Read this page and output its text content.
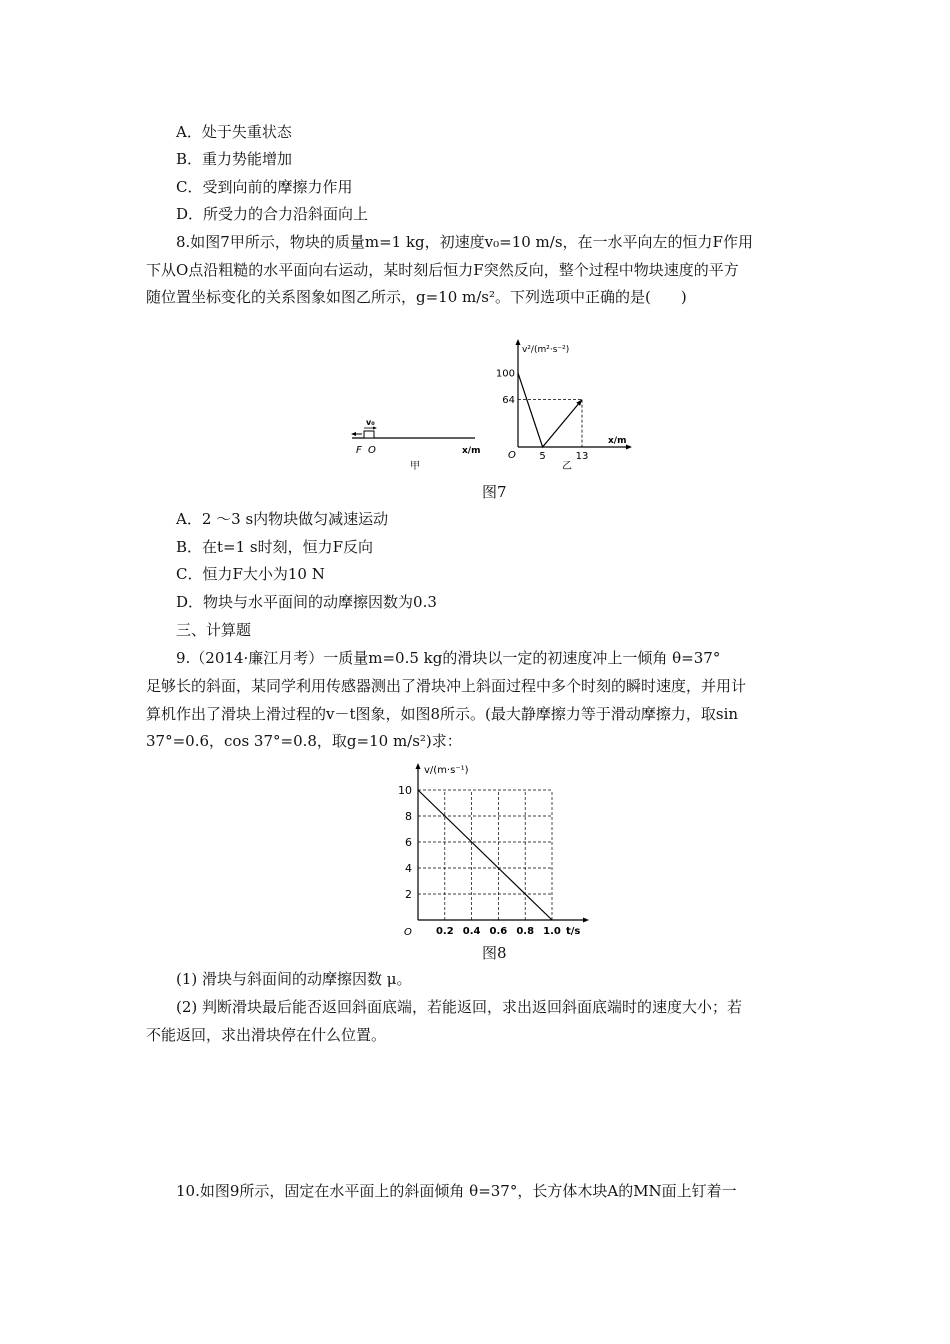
A．处于失重状态
B．重力势能增加
C．受到向前的摩擦力作用
D．所受力的合力沿斜面向上
8.如图7甲所示，物块的质量m=1 kg，初速度v₀=10 m/s，在一水平向左的恒力F作用
下从O点沿粗糙的水平面向右运动，某时刻后恒力F突然反向，整个过程中物块速度的平方
随位置坐标变化的关系图象如图乙所示，g=10 m/s²。下列选项中正确的是(　　)
v₀
F O	x/m
甲
v²/(m²·s⁻²)
x/m
O
乙
5	13
64
100
图7
A．2 ～3 s内物块做匀减速运动
B．在t=1 s时刻，恒力F反向
C．恒力F大小为10 N
D．物块与水平面间的动摩擦因数为0.3
三、计算题
9.（2014·廉江月考）一质量m=0.5 kg的滑块以一定的初速度冲上一倾角 θ=37°
足够长的斜面，某同学利用传感器测出了滑块冲上斜面过程中多个时刻的瞬时速度，并用计
算机作出了滑块上滑过程的v－t图象，如图8所示。(最大静摩擦力等于滑动摩擦力，取sin
37°=0.6，cos 37°=0.8，取g=10 m/s²)求：
v/(m·s⁻¹)
t/s
O 0.2 0.4 0.6 0.8 1.0
2
4
6
8
10
图8
(1) 滑块与斜面间的动摩擦因数 μ。
(2) 判断滑块最后能否返回斜面底端，若能返回，求出返回斜面底端时的速度大小；若
不能返回，求出滑块停在什么位置。
10.如图9所示，固定在水平面上的斜面倾角 θ=37°，长方体木块A的MN面上钉着一
